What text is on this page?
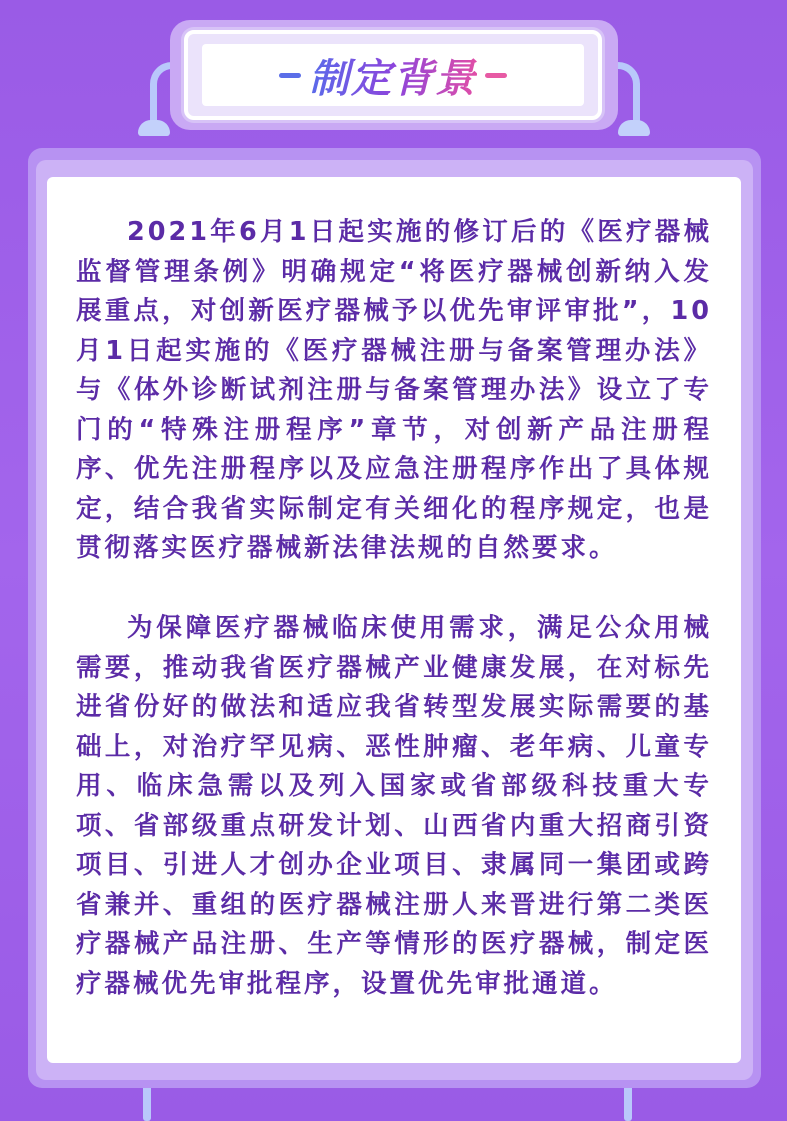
制定背景

2021年6月1日起实施的修订后的《医疗器械监督管理条例》明确规定“将医疗器械创新纳入发展重点，对创新医疗器械予以优先审评审批”，10月1日起实施的《医疗器械注册与备案管理办法》与《体外诊断试剂注册与备案管理办法》设立了专门的“特殊注册程序”章节，对创新产品注册程序、优先注册程序以及应急注册程序作出了具体规定，结合我省实际制定有关细化的程序规定，也是贯彻落实医疗器械新法律法规的自然要求。

为保障医疗器械临床使用需求，满足公众用械需要，推动我省医疗器械产业健康发展，在对标先进省份好的做法和适应我省转型发展实际需要的基础上，对治疗罕见病、恶性肿瘤、老年病、儿童专用、临床急需以及列入国家或省部级科技重大专项、省部级重点研发计划、山西省内重大招商引资项目、引进人才创办企业项目、隶属同一集团或跨省兼并、重组的医疗器械注册人来晋进行第二类医疗器械产品注册、生产等情形的医疗器械，制定医疗器械优先审批程序，设置优先审批通道。
